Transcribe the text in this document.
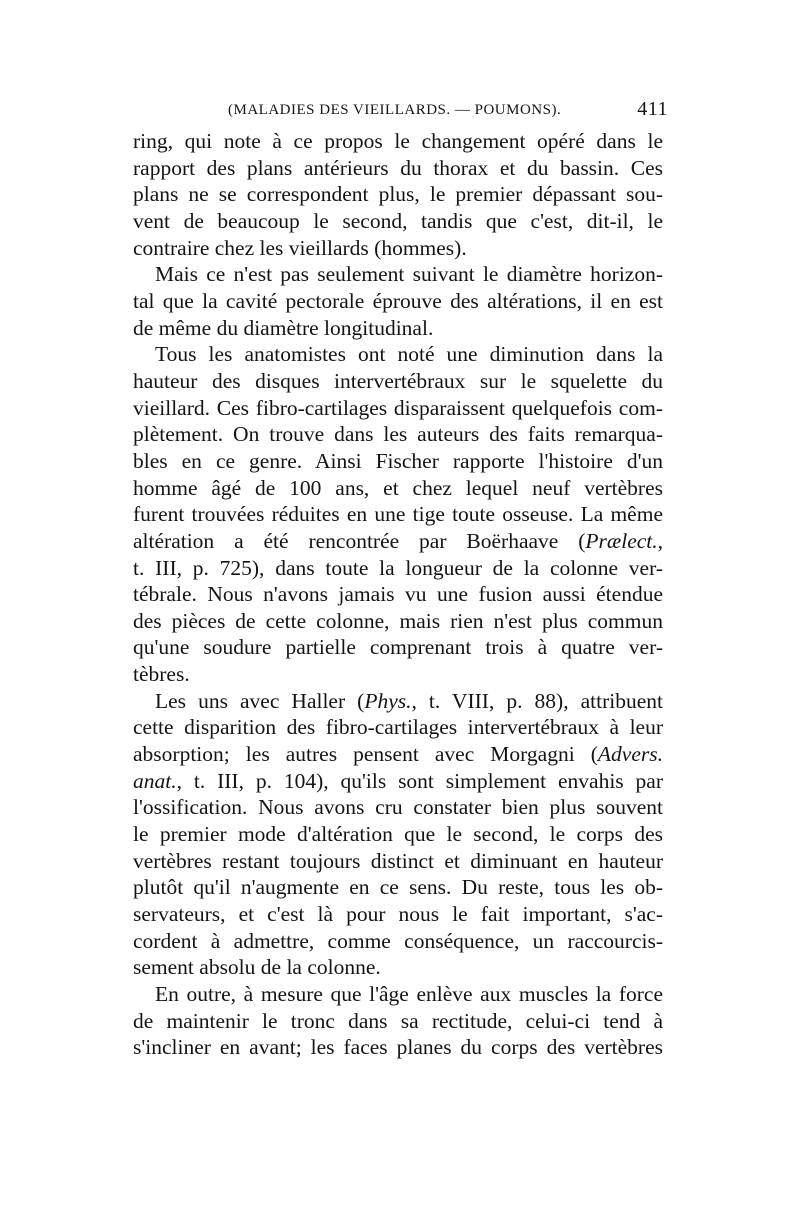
(MALADIES DES VIEILLARDS. — POUMONS).	411

ring, qui note à ce propos le changement opéré dans le

rapport des plans antérieurs du thorax et du bassin. Ces

plans ne se correspondent plus, le premier dépassant sou-

vent de beaucoup le second, tandis que c'est, dit-il, le

contraire chez les vieillards (hommes).

Mais ce n'est pas seulement suivant le diamètre horizon-

tal que la cavité pectorale éprouve des altérations, il en est

de même du diamètre longitudinal.

Tous les anatomistes ont noté une diminution dans la

hauteur des disques intervertébraux sur le squelette du

vieillard. Ces fibro-cartilages disparaissent quelquefois com-

plètement. On trouve dans les auteurs des faits remarqua-

bles en ce genre. Ainsi Fischer rapporte l'histoire d'un

homme âgé de 100 ans, et chez lequel neuf vertèbres

furent trouvées réduites en une tige toute osseuse. La même

altération a été rencontrée par Boërhaave (Prælect.,

t. III, p. 725), dans toute la longueur de la colonne ver-

tébrale. Nous n'avons jamais vu une fusion aussi étendue

des pièces de cette colonne, mais rien n'est plus commun

qu'une soudure partielle comprenant trois à quatre ver-

tèbres.

Les uns avec Haller (Phys., t. VIII, p. 88), attribuent

cette disparition des fibro-cartilages intervertébraux à leur

absorption; les autres pensent avec Morgagni (Advers.

anat., t. III, p. 104), qu'ils sont simplement envahis par

l'ossification. Nous avons cru constater bien plus souvent

le premier mode d'altération que le second, le corps des

vertèbres restant toujours distinct et diminuant en hauteur

plutôt qu'il n'augmente en ce sens. Du reste, tous les ob-

servateurs, et c'est là pour nous le fait important, s'ac-

cordent à admettre, comme conséquence, un raccourcis-

sement absolu de la colonne.

En outre, à mesure que l'âge enlève aux muscles la force

de maintenir le tronc dans sa rectitude, celui-ci tend à

s'incliner en avant; les faces planes du corps des vertèbres
